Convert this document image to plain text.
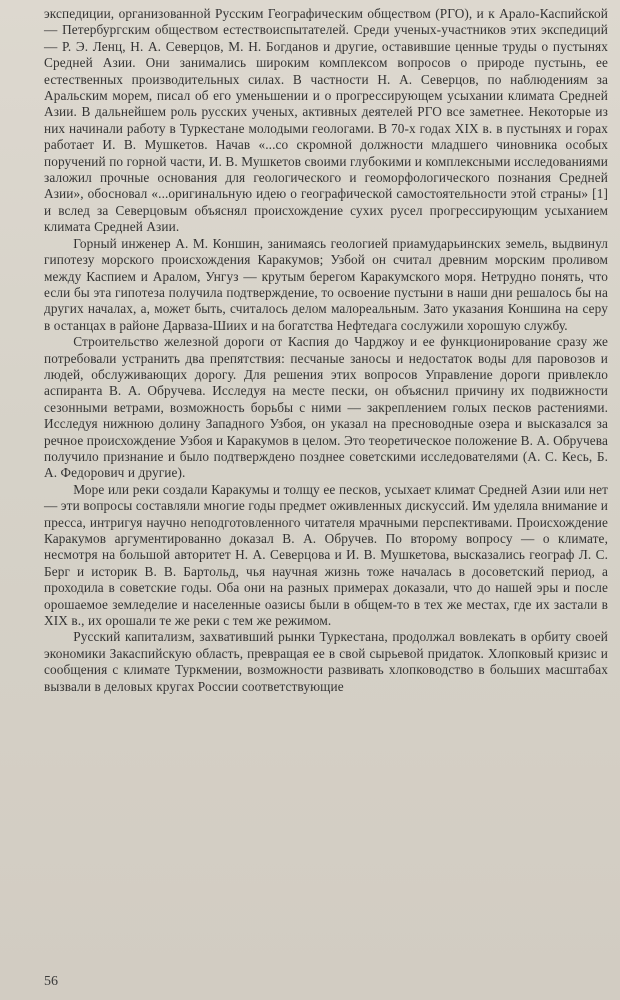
экспедиции, организованной Русским Географическим обществом (РГО), и к Арало-Каспийской — Петербургским обществом естествоиспытателей. Среди ученых-участников этих экспедиций — Р. Э. Ленц, Н. А. Северцов, М. Н. Богданов и другие, оставившие ценные труды о пустынях Средней Азии. Они занимались широким комплексом вопросов о природе пустынь, ее естественных производительных силах. В частности Н. А. Северцов, по наблюдениям за Аральским морем, писал об его уменьшении и о прогрессирующем усыхании климата Средней Азии. В дальнейшем роль русских ученых, активных деятелей РГО все заметнее. Некоторые из них начинали работу в Туркестане молодыми геологами. В 70-х годах XIX в. в пустынях и горах работает И. В. Мушкетов. Начав «...со скромной должности младшего чиновника особых поручений по горной части, И. В. Мушкетов своими глубокими и комплексными исследованиями заложил прочные основания для геологического и геоморфологического познания Средней Азии», обосновал «...оригинальную идею о географической самостоятельности этой страны» [1] и вслед за Северцовым объяснял происхождение сухих русел прогрессирующим усыханием климата Средней Азии.

Горный инженер А. М. Коншин, занимаясь геологией приамударьинских земель, выдвинул гипотезу морского происхождения Каракумов; Узбой он считал древним морским проливом между Каспием и Аралом, Унгуз — крутым берегом Каракумского моря. Нетрудно понять, что если бы эта гипотеза получила подтверждение, то освоение пустыни в наши дни решалось бы на других началах, а, может быть, считалось делом малореальным. Зато указания Коншина на серу в останцах в районе Дарваза-Шиих и на богатства Нефтедага сослужили хорошую службу.

Строительство железной дороги от Каспия до Чарджоу и ее функционирование сразу же потребовали устранить два препятствия: песчаные заносы и недостаток воды для паровозов и людей, обслуживающих дорогу. Для решения этих вопросов Управление дороги привлекло аспиранта В. А. Обручева. Исследуя на месте пески, он объяснил причину их подвижности сезонными ветрами, возможность борьбы с ними — закреплением голых песков растениями. Исследуя нижнюю долину Западного Узбоя, он указал на пресноводные озера и высказался за речное происхождение Узбоя и Каракумов в целом. Это теоретическое положение В. А. Обручева получило признание и было подтверждено позднее советскими исследователями (А. С. Кесь, Б. А. Федорович и другие).

Море или реки создали Каракумы и толщу ее песков, усыхает климат Средней Азии или нет — эти вопросы составляли многие годы предмет оживленных дискуссий. Им уделяла внимание и пресса, интригуя научно неподготовленного читателя мрачными перспективами. Происхождение Каракумов аргументированно доказал В. А. Обручев. По второму вопросу — о климате, несмотря на большой авторитет Н. А. Северцова и И. В. Мушкетова, высказались географ Л. С. Берг и историк В. В. Бартольд, чья научная жизнь тоже началась в досоветский период, а проходила в советские годы. Оба они на разных примерах доказали, что до нашей эры и после орошаемое земледелие и населенные оазисы были в общем-то в тех же местах, где их застали в XIX в., их орошали те же реки с тем же режимом.

Русский капитализм, захвативший рынки Туркестана, продолжал вовлекать в орбиту своей экономики Закаспийскую область, превращая ее в свой сырьевой придаток. Хлопковый кризис и сообщения с климате Туркмении, возможности развивать хлопководство в больших масштабах вызвали в деловых кругах России соответствующие

56
